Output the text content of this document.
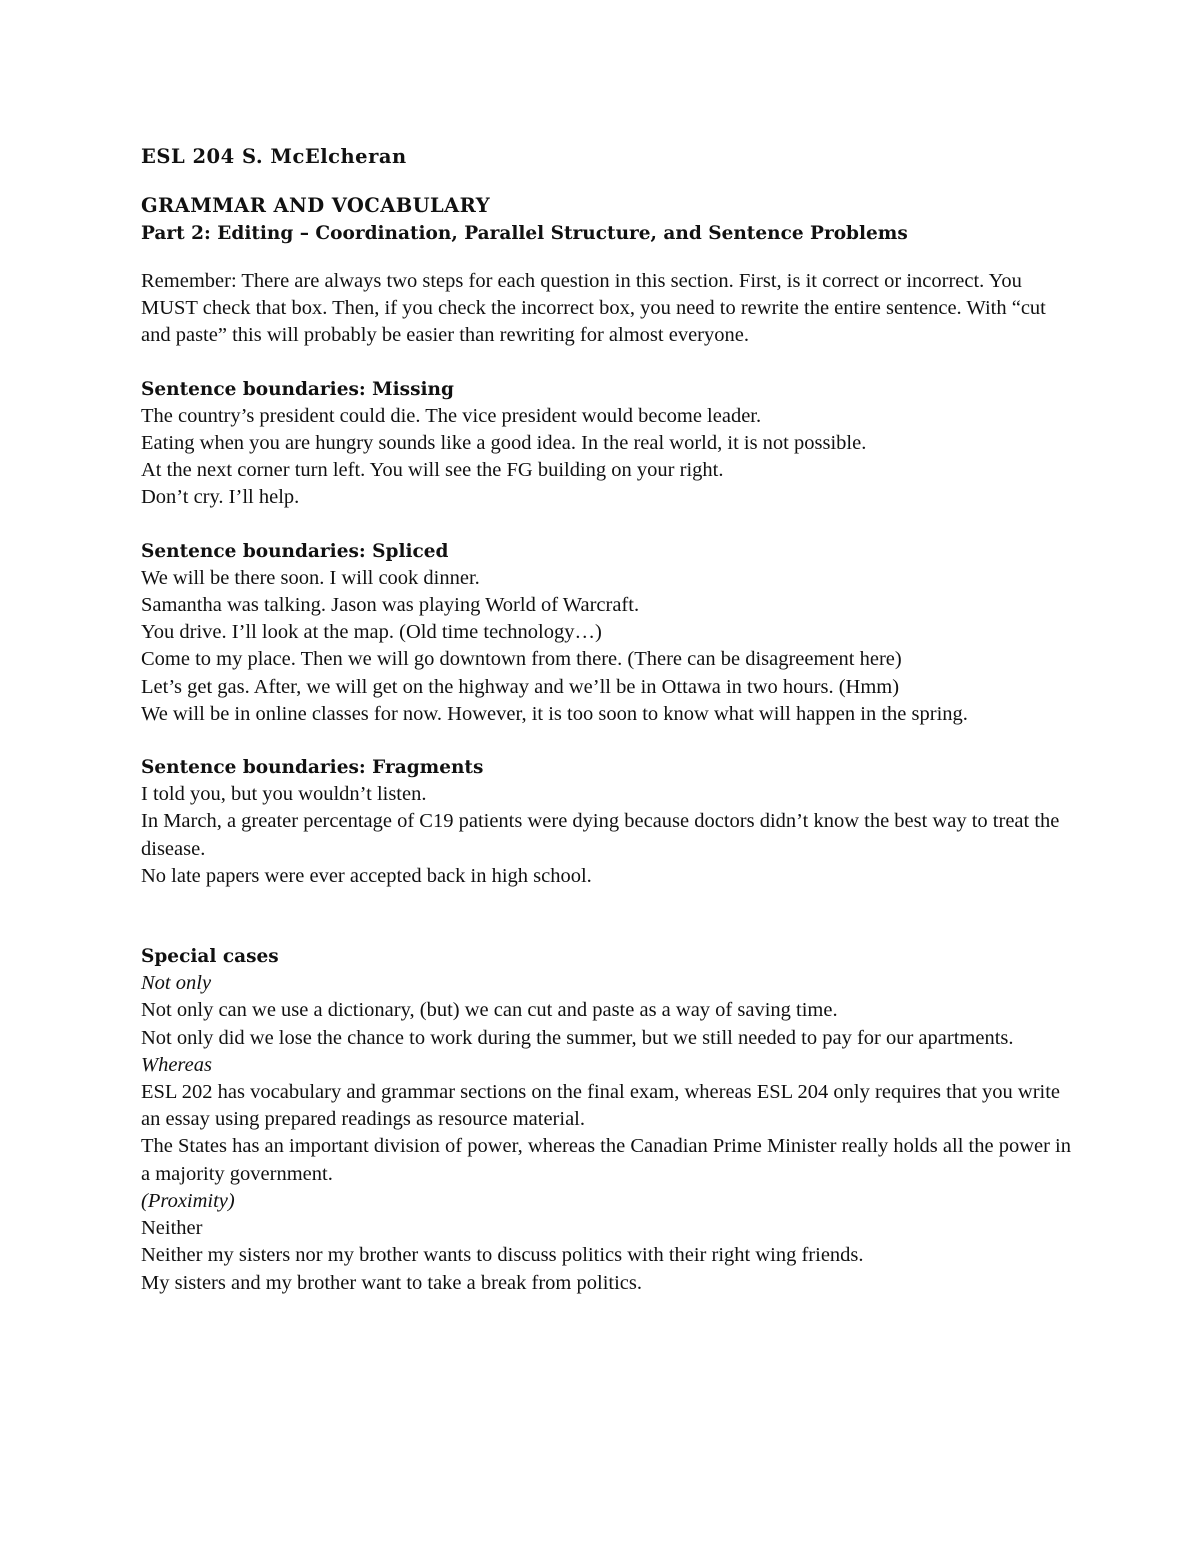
ESL 204 S. McElcheran

GRAMMAR AND VOCABULARY

Part 2: Editing – Coordination, Parallel Structure, and Sentence Problems

Remember: There are always two steps for each question in this section. First, is it correct or incorrect. You MUST check that box. Then, if you check the incorrect box, you need to rewrite the entire sentence. With “cut and paste” this will probably be easier than rewriting for almost everyone.

Sentence boundaries: Missing

The country’s president could die. The vice president would become leader.

Eating when you are hungry sounds like a good idea. In the real world, it is not possible.

At the next corner turn left. You will see the FG building on your right.

Don’t cry. I’ll help.

Sentence boundaries: Spliced

We will be there soon. I will cook dinner.

Samantha was talking. Jason was playing World of Warcraft.

You drive. I’ll look at the map. (Old time technology…)

Come to my place. Then we will go downtown from there. (There can be disagreement here)

Let’s get gas. After, we will get on the highway and we’ll be in Ottawa in two hours. (Hmm)

We will be in online classes for now. However, it is too soon to know what will happen in the spring.

Sentence boundaries: Fragments

I told you, but you wouldn’t listen.

In March, a greater percentage of C19 patients were dying because doctors didn’t know the best way to treat the disease.

No late papers were ever accepted back in high school.

Special cases

Not only

Not only can we use a dictionary, (but) we can cut and paste as a way of saving time.

Not only did we lose the chance to work during the summer, but we still needed to pay for our apartments.

Whereas

ESL 202 has vocabulary and grammar sections on the final exam, whereas ESL 204 only requires that you write an essay using prepared readings as resource material.

The States has an important division of power, whereas the Canadian Prime Minister really holds all the power in a majority government.

(Proximity)

Neither

Neither my sisters nor my brother wants to discuss politics with their right wing friends.

My sisters and my brother want to take a break from politics.
